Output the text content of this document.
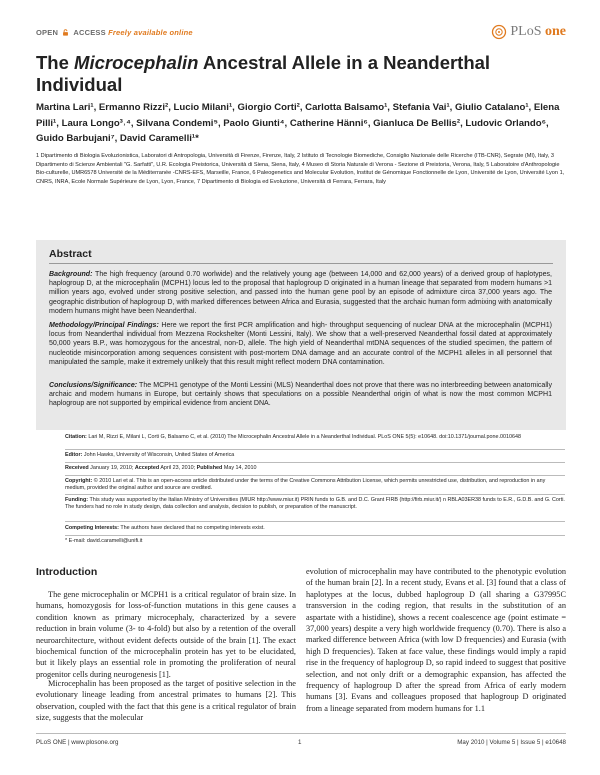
OPEN ACCESS Freely available online	PLoS one
The Microcephalin Ancestral Allele in a Neanderthal Individual
Martina Lari¹, Ermanno Rizzi², Lucio Milani¹, Giorgio Corti², Carlotta Balsamo¹, Stefania Vai¹, Giulio Catalano¹, Elena Pilli¹, Laura Longo³˒⁴, Silvana Condemi⁵, Paolo Giunti⁴, Catherine Hänni⁶, Gianluca De Bellis², Ludovic Orlando⁶, Guido Barbujani⁷, David Caramelli¹*
1 Dipartimento di Biologia Evoluzionistica, Laboratori di Antropologia, Università di Firenze, Firenze, Italy, 2 Istituto di Tecnologie Biomediche, Consiglio Nazionale delle Ricerche (ITB-CNR), Segrate (MI), Italy, 3 Dipartimento di Scienze Ambientali "G. Sarfatti", U.R. Ecologia Preistorica, Università di Siena, Siena, Italy, 4 Museo di Storia Naturale di Verona - Sezione di Preistoria, Verona, Italy, 5 Laboratoire d'Anthropologie Bio-culturelle, UMR6578 Université de la Méditerranée -CNRS-EFS, Marseille, France, 6 Paleogenetics and Molecular Evolution, Institut de Génomique Fonctionnelle de Lyon, Université de Lyon, Université Lyon 1, CNRS, INRA, Ecole Normale Supérieure de Lyon, Lyon, France, 7 Dipartimento di Biologia ed Evoluzione, Università di Ferrara, Ferrara, Italy
Abstract

Background: The high frequency (around 0.70 worlwide) and the relatively young age (between 14,000 and 62,000 years) of a derived group of haplotypes, haplogroup D, at the microcephalin (MCPH1) locus led to the proposal that haplogroup D originated in a human lineage that separated from modern humans >1 million years ago, evolved under strong positive selection, and passed into the human gene pool by an episode of admixture circa 37,000 years ago. The geographic distribution of haplogroup D, with marked differences between Africa and Eurasia, suggested that the archaic human form admixing with anatomically modern humans might have been Neanderthal.

Methodology/Principal Findings: Here we report the first PCR amplification and high- throughput sequencing of nuclear DNA at the microcephalin (MCPH1) locus from Neanderthal individual from Mezzena Rockshelter (Monti Lessini, Italy). We show that a well-preserved Neanderthal fossil dated at approximately 50,000 years B.P., was homozygous for the ancestral, non-D, allele. The high yield of Neanderthal mtDNA sequences of the studied specimen, the pattern of nucleotide misincorporation among sequences consistent with post-mortem DNA damage and an accurate control of the MCPH1 alleles in all personnel that manipulated the sample, make it extremely unlikely that this result might reflect modern DNA contamination.

Conclusions/Significance: The MCPH1 genotype of the Monti Lessini (MLS) Neanderthal does not prove that there was no interbreeding between anatomically archaic and modern humans in Europe, but certainly shows that speculations on a possible Neanderthal origin of what is now the most common MCPH1 haplogroup are not supported by empirical evidence from ancient DNA.

Citation: Lari M, Rizzi E, Milani L, Corti G, Balsamo C, et al. (2010) The Microcephalin Ancestral Allele in a Neanderthal Individual. PLoS ONE 5(5): e10648. doi:10.1371/journal.pone.0010648

Editor: John Hawks, University of Wisconsin, United States of America

Received January 19, 2010; Accepted April 23, 2010; Published May 14, 2010

Copyright: © 2010 Lari et al. This is an open-access article distributed under the terms of the Creative Commons Attribution License, which permits unrestricted use, distribution, and reproduction in any medium, provided the original author and source are credited.

Funding: This study was supported by the Italian Ministry of Universities (MIUR http://www.miur.it) PRIN funds to G.B. and D.C. Grant FIRB (http://firb.miur.it/) n RBLA03ER38 funds to E.R., G.D.B. and G. Corti. The funders had no role in study design, data collection and analysis, decision to publish, or preparation of the manuscript.

Competing Interests: The authors have declared that no competing interests exist.

* E-mail: david.caramelli@unifi.it

Introduction

The gene microcephalin or MCPH1 is a critical regulator of brain size. In humans, homozygosis for loss-of-function mutations in this gene causes a condition known as primary microcephaly, characterized by a severe reduction in brain volume (3- to 4-fold) but also by a retention of the overall neuroarchitecture, without evident defects outside of the brain [1]. The exact biochemical function of the microcephalin protein has yet to be elucidated, but it likely plays an essential role in promoting the proliferation of neural progenitor cells during neurogenesis [1].

Microcephalin has been proposed as the target of positive selection in the evolutionary lineage leading from ancestral primates to humans [2]. This observation, coupled with the fact that this gene is a critical regulator of brain size, suggests that the molecular

evolution of microcephalin may have contributed to the phenotypic evolution of the human brain [2]. In a recent study, Evans et al. [3] found that a class of haplotypes at the locus, dubbed haplogroup D (all sharing a G37995C transversion in the coding region, that results in the substitution of an aspartate with a histidine), shows a recent coalescence age (point estimate = 37,000 years) despite a very high worldwide frequency (0.70). There is also a marked difference between Africa (with low D frequencies) and Eurasia (with high D frequencies). Taken at face value, these findings would imply a rapid rise in the frequency of haplogroup D, so rapid indeed to suggest that positive selection, and not only drift or a demographic expansion, has affected the frequency of haplogroup D after the spread from Africa of early modern humans [3]. Evans and colleagues proposed that haplogroup D originated from a lineage separated from modern humans for 1.1

PLoS ONE | www.plosone.org	1	May 2010 | Volume 5 | Issue 5 | e10648
